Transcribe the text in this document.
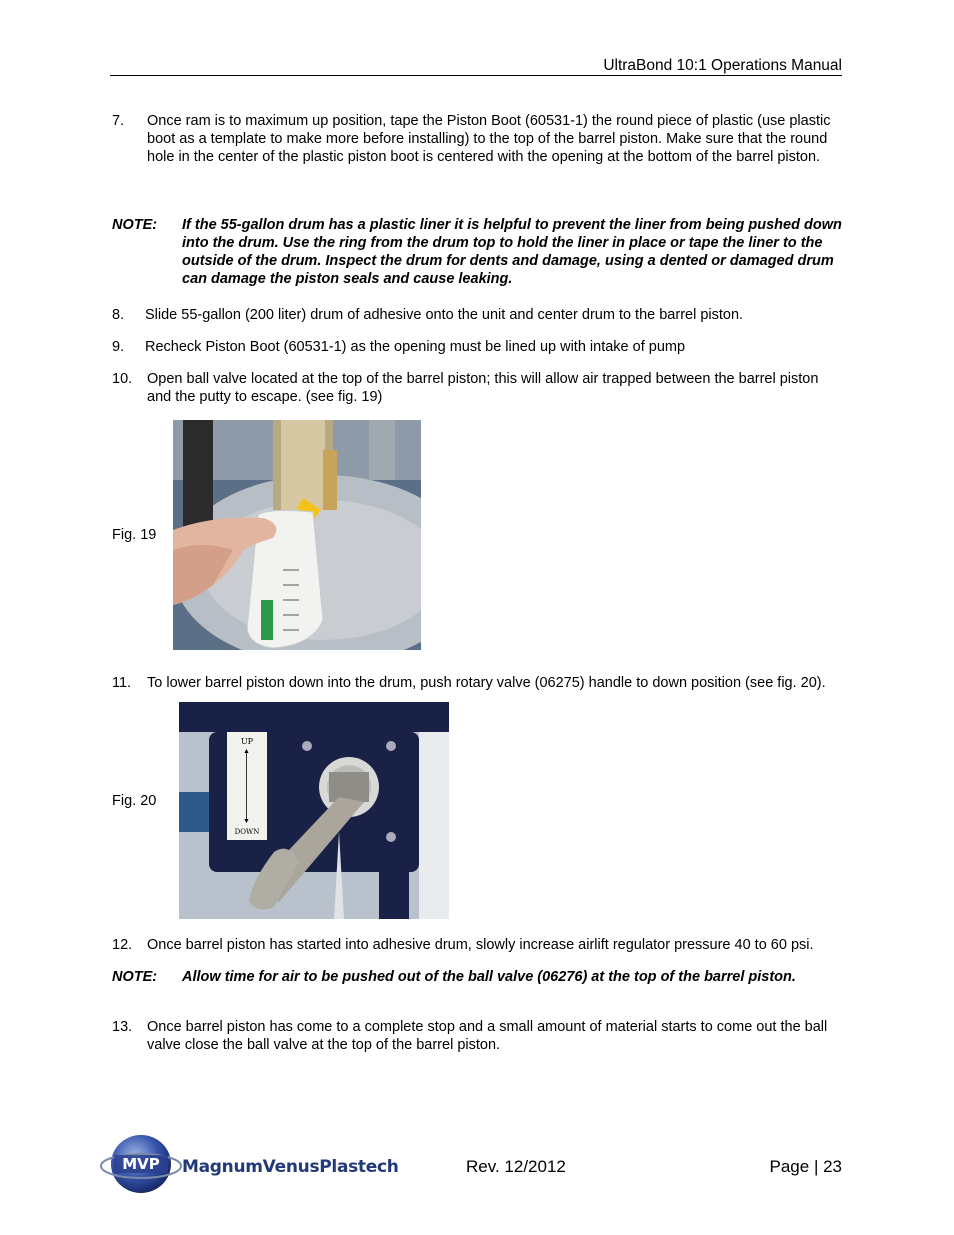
UltraBond 10:1 Operations Manual
7.	Once ram is to maximum up position, tape the Piston Boot (60531-1) the round piece of plastic (use plastic boot as a template to make more before installing) to the top of the barrel piston. Make sure that the round hole in the center of the plastic piston boot is centered with the opening at the bottom of the barrel piston.
NOTE: If the 55-gallon drum has a plastic liner it is helpful to prevent the liner from being pushed down into the drum. Use the ring from the drum top to hold the liner in place or tape the liner to the outside of the drum. Inspect the drum for dents and damage, using a dented or damaged drum can damage the piston seals and cause leaking.
8.	Slide 55-gallon (200 liter) drum of adhesive onto the unit and center drum to the barrel piston.
9.	Recheck Piston Boot (60531-1) as the opening must be lined up with intake of pump
10.	Open ball valve located at the top of the barrel piston; this will allow air trapped between the barrel piston and the putty to escape. (see fig. 19)
Fig. 19
11.	To lower barrel piston down into the drum, push rotary valve (06275) handle to down position (see fig. 20).
Fig. 20
UP
▲
▼
DOWN
12.	Once barrel piston has started into adhesive drum, slowly increase airlift regulator pressure 40 to 60 psi.
NOTE: Allow time for air to be pushed out of the ball valve (06276) at the top of the barrel piston.
13.	Once barrel piston has come to a complete stop and a small amount of material starts to come out the ball valve close the ball valve at the top of the barrel piston.
MVP	MagnumVenusPlastech	Rev. 12/2012	Page | 23
